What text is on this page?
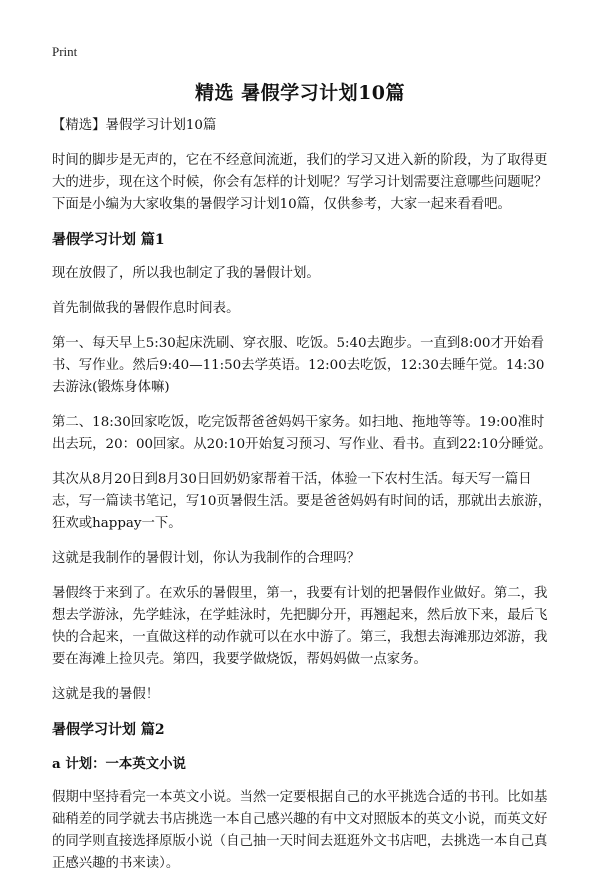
Print
精选 暑假学习计划10篇

【精选】暑假学习计划10篇

时间的脚步是无声的，它在不经意间流逝，我们的学习又进入新的阶段，为了取得更大的进步，现在这个时候，你会有怎样的计划呢？写学习计划需要注意哪些问题呢？下面是小编为大家收集的暑假学习计划10篇，仅供参考，大家一起来看看吧。

暑假学习计划 篇1

现在放假了，所以我也制定了我的暑假计划。

首先制做我的暑假作息时间表。

第一、每天早上5:30起床洗刷、穿衣服、吃饭。5:40去跑步。一直到8:00才开始看书、写作业。然后9:40—11:50去学英语。12:00去吃饭，12:30去睡午觉。14:30去游泳(锻炼身体嘛)

第二、18:30回家吃饭，吃完饭帮爸爸妈妈干家务。如扫地、拖地等等。19:00准时出去玩，20：00回家。从20:10开始复习预习、写作业、看书。直到22:10分睡觉。

其次从8月20日到8月30日回奶奶家帮着干活，体验一下农村生活。每天写一篇日志，写一篇读书笔记，写10页暑假生活。要是爸爸妈妈有时间的话，那就出去旅游，狂欢或happay一下。

这就是我制作的暑假计划，你认为我制作的合理吗？

暑假终于来到了。在欢乐的暑假里，第一，我要有计划的把暑假作业做好。第二，我想去学游泳，先学蛙泳，在学蛙泳时，先把脚分开，再翘起来，然后放下来，最后飞快的合起来，一直做这样的动作就可以在水中游了。第三，我想去海滩那边郊游，我要在海滩上捡贝壳。第四，我要学做烧饭，帮妈妈做一点家务。

这就是我的暑假！

暑假学习计划 篇2

a 计划：一本英文小说

假期中坚持看完一本英文小说。当然一定要根据自己的水平挑选合适的书刊。比如基础稍差的同学就去书店挑选一本自己感兴趣的有中文对照版本的英文小说，而英文好的同学则直接选择原版小说（自己抽一天时间去逛逛外文书店吧，去挑选一本自己真正感兴趣的书来读）。
